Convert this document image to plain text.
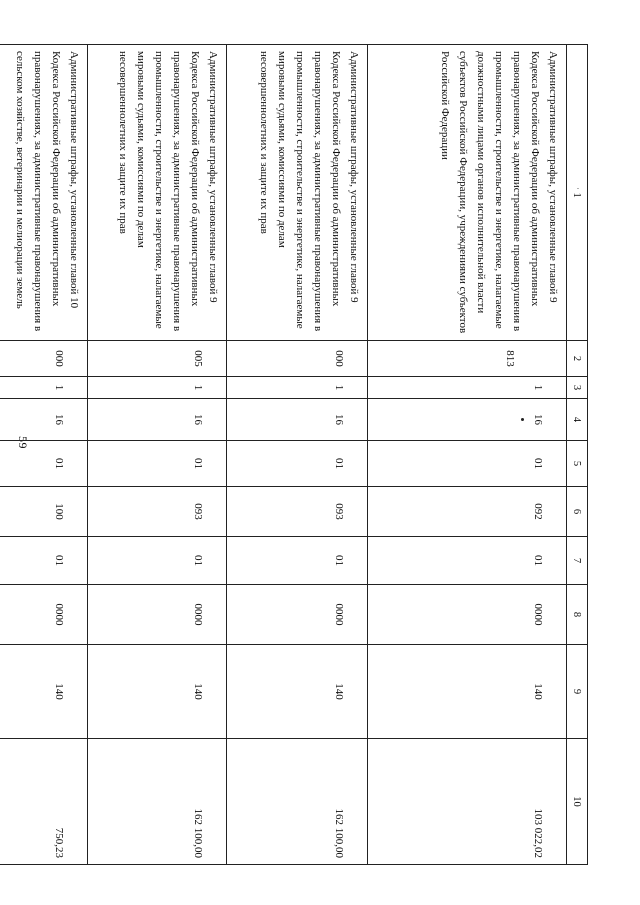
59
· 1	2	3	4	5	6	7	8	9	10
Административные штрафы, установленные главой 9 Кодекса Российской Федерации об административных правонарушениях, за административные правонарушения в промышленности, строительстве и энергетике, налагаемые должностными лицами органов исполнительной власти субъектов Российской Федерации, учреждениями субъектов Российской Федерации	813	1	16	01	092	01	0000	140	103 022,02
Административные штрафы, установленные главой 9 Кодекса Российской Федерации об административных правонарушениях, за административные правонарушения в промышленности, строительстве и энергетике, налагаемые мировыми судьями, комиссиями по делам несовершеннолетних и защите их прав	000	1	16	01	093	01	0000	140	162 100,00
Административные штрафы, установленные главой 9 Кодекса Российской Федерации об административных правонарушениях, за административные правонарушения в промышленности, строительстве и энергетике, налагаемые мировыми судьями, комиссиями по делам несовершеннолетних и защите их прав	005	1	16	01	093	01	0000	140	162 100,00
Административные штрафы, установленные главой 10 Кодекса Российской Федерации об административных правонарушениях, за административные правонарушения в сельском хозяйстве, ветеринарии и мелиорации земель	000	1	16	01	100	01	0000	140	750,23
